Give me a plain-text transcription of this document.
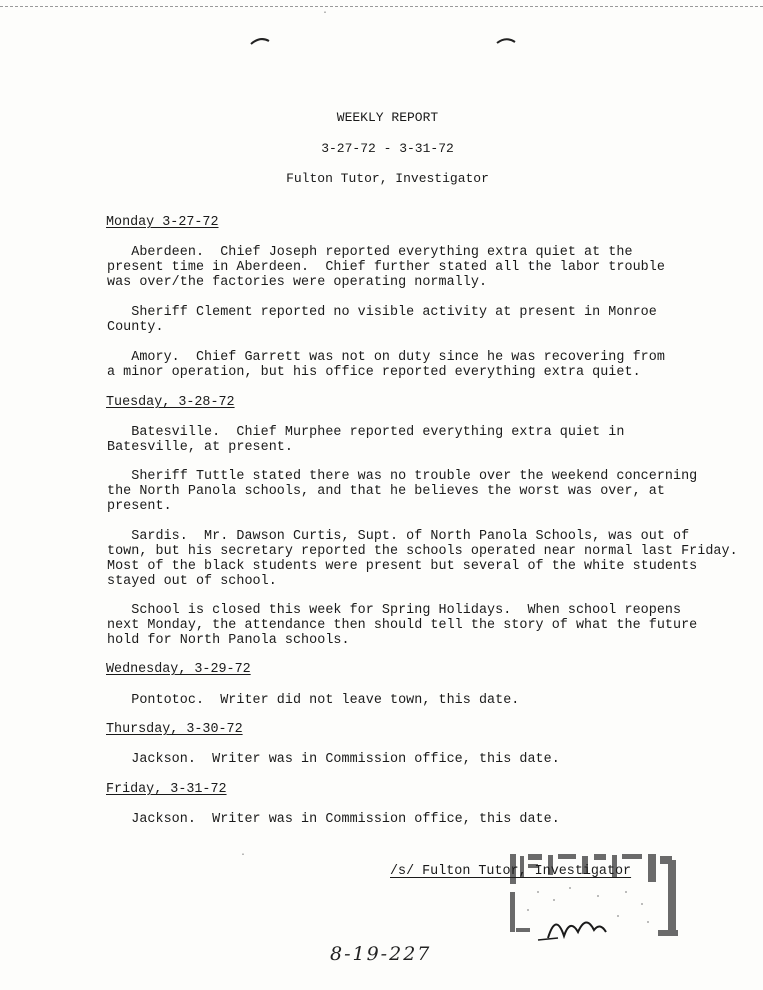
WEEKLY REPORT
3-27-72 - 3-31-72
Fulton Tutor, Investigator
Monday 3-27-72
Aberdeen.  Chief Joseph reported everything extra quiet at the
present time in Aberdeen.  Chief further stated all the labor trouble
was over/the factories were operating normally.
Sheriff Clement reported no visible activity at present in Monroe
County.
Amory.  Chief Garrett was not on duty since he was recovering from
a minor operation, but his office reported everything extra quiet.
Tuesday, 3-28-72
Batesville.  Chief Murphee reported everything extra quiet in
Batesville, at present.
Sheriff Tuttle stated there was no trouble over the weekend concerning
the North Panola schools, and that he believes the worst was over, at
present.
Sardis.  Mr. Dawson Curtis, Supt. of North Panola Schools, was out of
town, but his secretary reported the schools operated near normal last Friday.
Most of the black students were present but several of the white students
stayed out of school.
School is closed this week for Spring Holidays.  When school reopens
next Monday, the attendance then should tell the story of what the future
hold for North Panola schools.
Wednesday, 3-29-72
Pontotoc.  Writer did not leave town, this date.
Thursday, 3-30-72
Jackson.  Writer was in Commission office, this date.
Friday, 3-31-72
Jackson.  Writer was in Commission office, this date.
/s/ Fulton Tutor, Investigator
8-19-227
·
·
